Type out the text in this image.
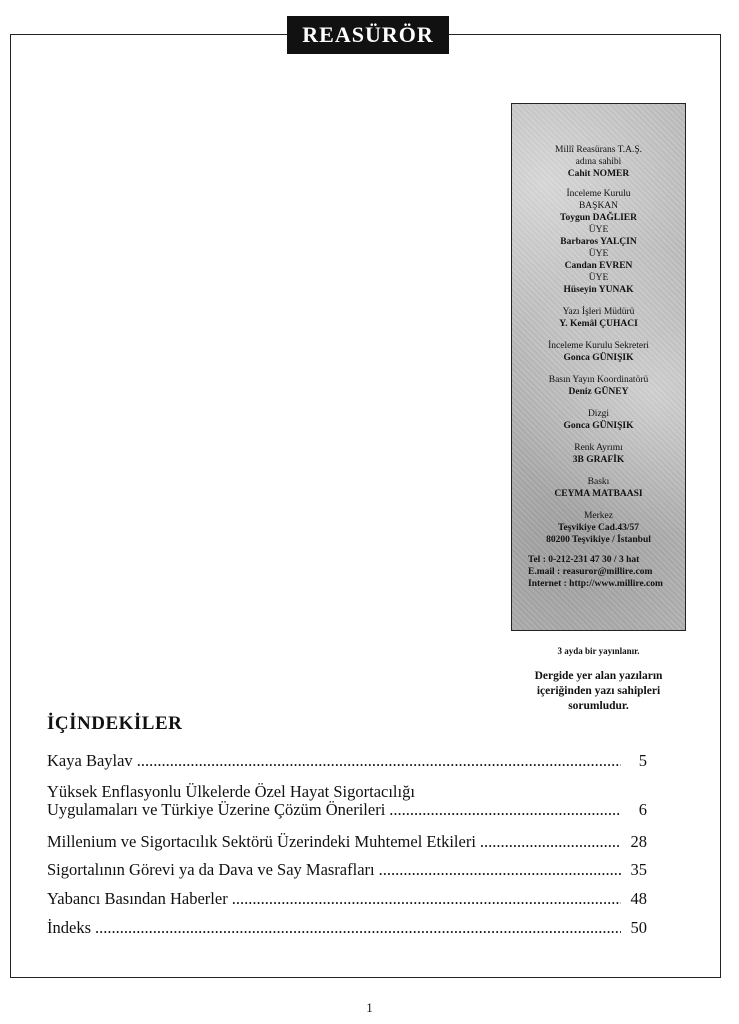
REASÜRÖR
Millî Reasürans T.A.Ş.
adına sahibi
Cahit NOMER
İnceleme Kurulu
BAŞKAN
Toygun DAĞLIER
ÜYE
Barbaros YALÇIN
ÜYE
Candan EVREN
ÜYE
Hüseyin YUNAK
Yazı İşleri Müdürü
Y. Kemâl ÇUHACI
İnceleme Kurulu Sekreteri
Gonca GÜNIŞIK
Basın Yayın Koordinatörü
Deniz GÜNEY
Dizgi
Gonca GÜNIŞIK
Renk Ayrımı
3B GRAFİK
Baskı
CEYMA MATBAASI
Merkez
Teşvikiye Cad.43/57
80200 Teşvikiye / İstanbul
Tel : 0-212-231 47 30 / 3 hat
E.mail : reasuror@millire.com
Internet : http://www.millire.com
3 ayda bir yayınlanır.
Dergide yer alan yazıların
içeriğinden yazı sahipleri
sorumludur.
İÇİNDEKİLER
Kaya Baylav .....	5
Yüksek Enflasyonlu Ülkelerde Özel Hayat Sigortacılığı
Uygulamaları ve Türkiye Üzerine Çözüm Önerileri .....	6
Millenium ve Sigortacılık Sektörü Üzerindeki Muhtemel Etkileri .....	28
Sigortalının Görevi ya da Dava ve Say Masrafları .....	35
Yabancı Basından Haberler .....	48
İndeks .....	50
1
